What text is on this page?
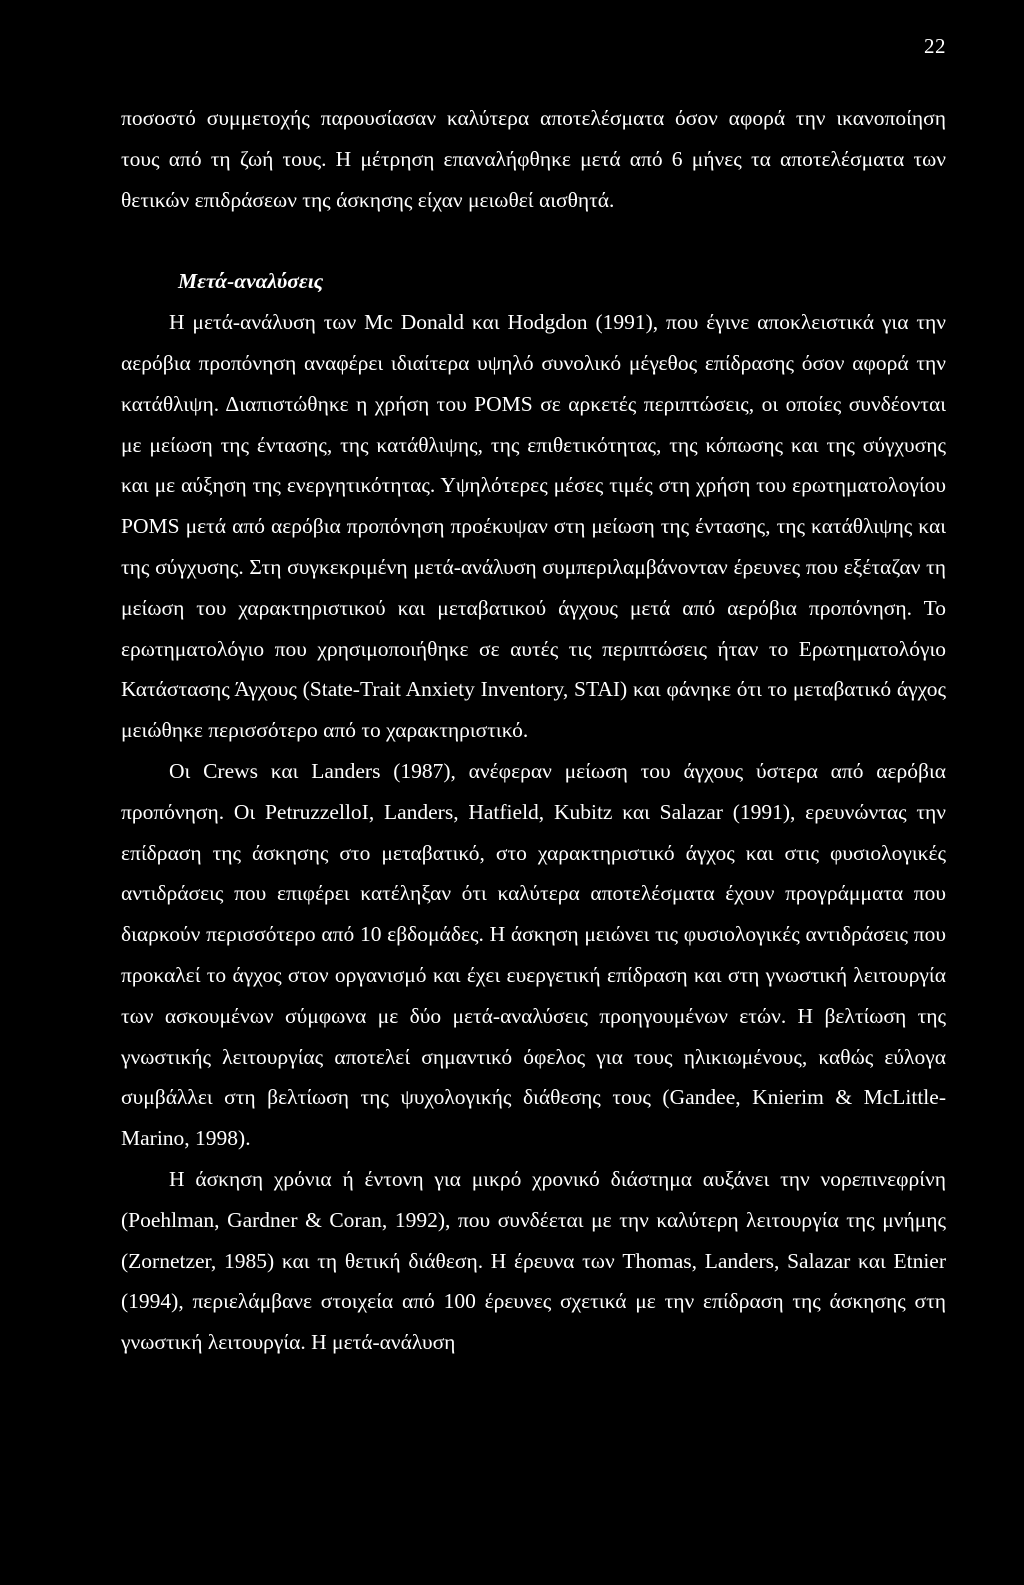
22

ποσοστό συμμετοχής παρουσίασαν καλύτερα αποτελέσματα όσον αφορά την ικανοποίηση τους από τη ζωή τους. Η μέτρηση επαναλήφθηκε μετά από 6 μήνες τα αποτελέσματα των θετικών επιδράσεων της άσκησης είχαν μειωθεί αισθητά.

Μετά-αναλύσεις

Η μετά-ανάλυση των Mc Donald και Hodgdon (1991), που έγινε αποκλειστικά για την αερόβια προπόνηση αναφέρει ιδιαίτερα υψηλό συνολικό μέγεθος επίδρασης όσον αφορά την κατάθλιψη. Διαπιστώθηκε η χρήση του POMS σε αρκετές περιπτώσεις, οι οποίες συνδέονται με μείωση της έντασης, της κατάθλιψης, της επιθετικότητας, της κόπωσης και της σύγχυσης και με αύξηση της ενεργητικότητας. Υψηλότερες μέσες τιμές στη χρήση του ερωτηματολογίου POMS μετά από αερόβια προπόνηση προέκυψαν στη μείωση της έντασης, της κατάθλιψης και της σύγχυσης. Στη συγκεκριμένη μετά-ανάλυση συμπεριλαμβάνονταν έρευνες που εξέταζαν τη μείωση του χαρακτηριστικού και μεταβατικού άγχους μετά από αερόβια προπόνηση. Το ερωτηματολόγιο που χρησιμοποιήθηκε σε αυτές τις περιπτώσεις ήταν το Ερωτηματολόγιο Κατάστασης Άγχους (State-Trait Anxiety Inventory, STAI) και φάνηκε ότι το μεταβατικό άγχος μειώθηκε περισσότερο από το χαρακτηριστικό.

Οι Crews και Landers (1987), ανέφεραν μείωση του άγχους ύστερα από αερόβια προπόνηση. Οι PetruzzelloI, Landers, Hatfield, Kubitz και Salazar (1991), ερευνώντας την επίδραση της άσκησης στο μεταβατικό, στο χαρακτηριστικό άγχος και στις φυσιολογικές αντιδράσεις που επιφέρει κατέληξαν ότι καλύτερα αποτελέσματα έχουν προγράμματα που διαρκούν περισσότερο από 10 εβδομάδες. Η άσκηση μειώνει τις φυσιολογικές αντιδράσεις που προκαλεί το άγχος στον οργανισμό και έχει ευεργετική επίδραση και στη γνωστική λειτουργία των ασκουμένων σύμφωνα με δύο μετά-αναλύσεις προηγουμένων ετών. Η βελτίωση της γνωστικής λειτουργίας αποτελεί σημαντικό όφελος για τους ηλικιωμένους, καθώς εύλογα συμβάλλει στη βελτίωση της ψυχολογικής διάθεσης τους (Gandee, Knierim & McLittle-Marino, 1998).

Η άσκηση χρόνια ή έντονη για μικρό χρονικό διάστημα αυξάνει την νορεπινεφρίνη (Poehlman, Gardner & Coran, 1992), που συνδέεται με την καλύτερη λειτουργία της μνήμης (Zornetzer, 1985) και τη θετική διάθεση. Η έρευνα των Thomas, Landers, Salazar και Etnier (1994), περιελάμβανε στοιχεία από 100 έρευνες σχετικά με την επίδραση της άσκησης στη γνωστική λειτουργία. Η μετά-ανάλυση
